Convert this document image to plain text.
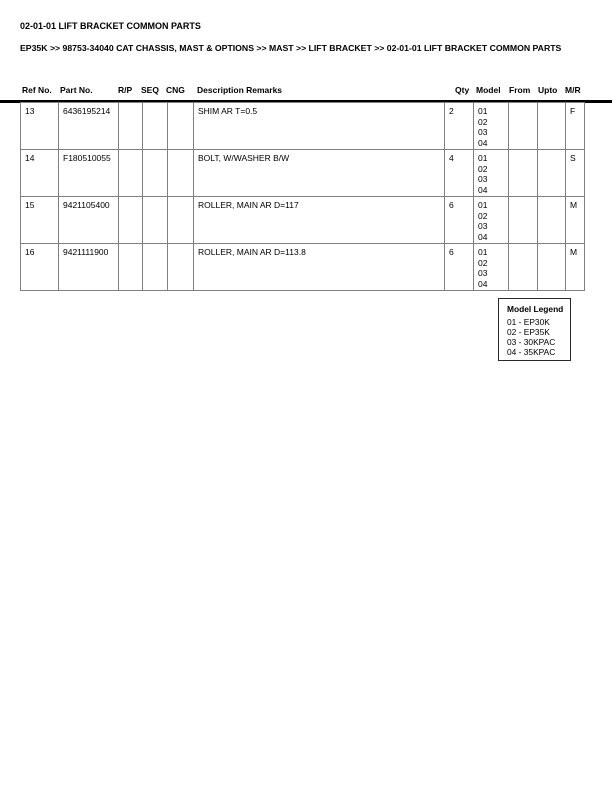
02-01-01 LIFT BRACKET COMMON PARTS
EP35K >> 98753-34040 CAT CHASSIS, MAST & OPTIONS >> MAST >> LIFT BRACKET >> 02-01-01 LIFT BRACKET COMMON PARTS
Ref No. Part No.	R/P SEQ CNG Description Remarks	Qty Model From Upto M/R
13	6436195214				SHIM AR T=0.5	2	01
02
03
04			F
14	F180510055				BOLT, W/WASHER B/W	4	01
02
03
04			S
15	9421105400				ROLLER, MAIN AR D=117	6	01
02
03
04			M
16	9421111900				ROLLER, MAIN AR D=113.8	6	01
02
03
04			M
Model Legend
01 - EP30K
02 - EP35K
03 - 30KPAC
04 - 35KPAC
